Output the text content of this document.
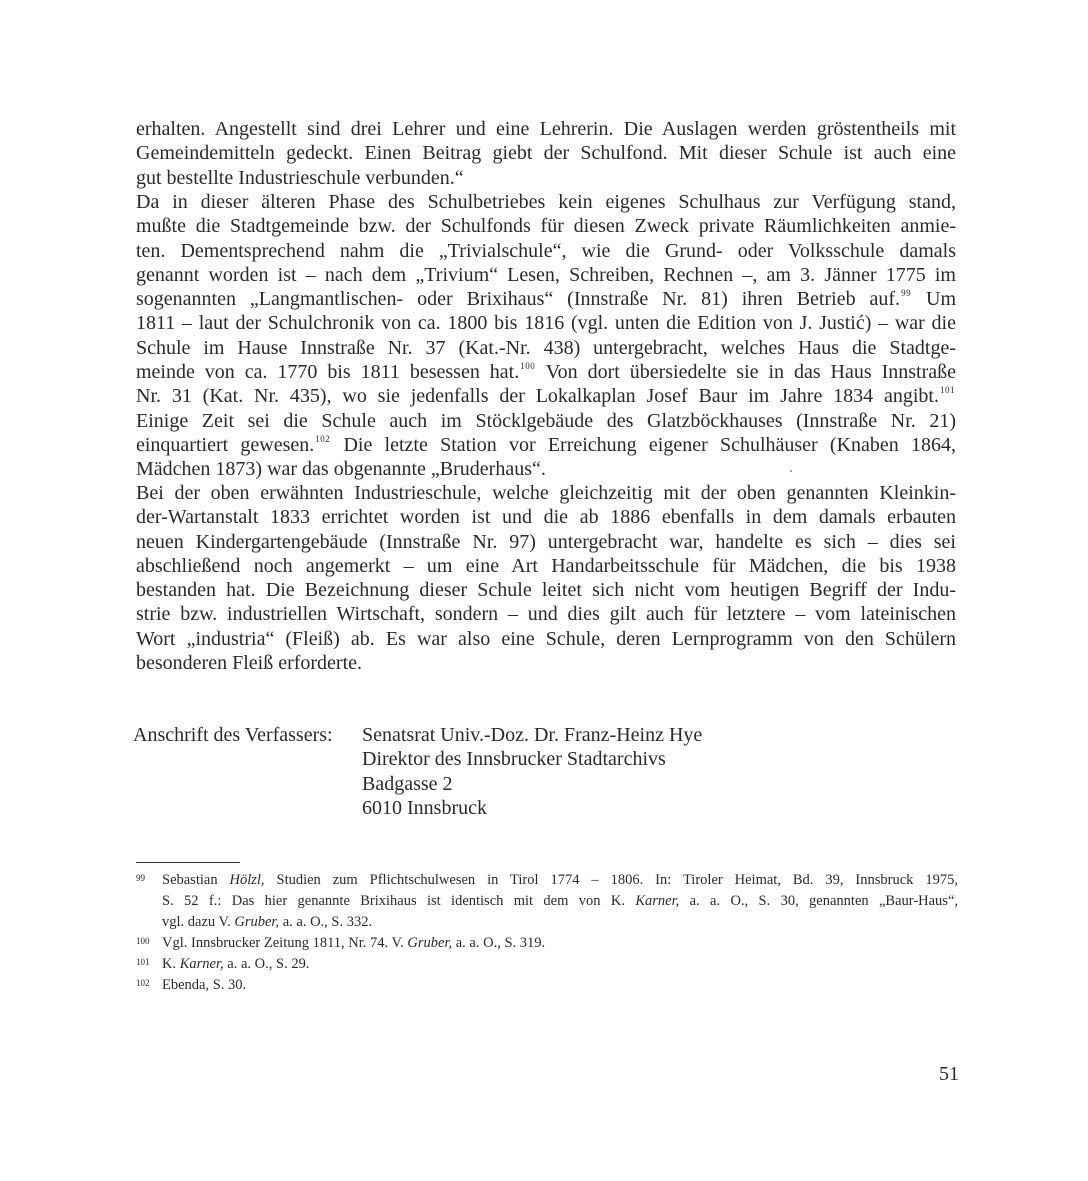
erhalten. Angestellt sind drei Lehrer und eine Lehrerin. Die Auslagen werden gröstentheils mit
Gemeindemitteln gedeckt. Einen Beitrag giebt der Schulfond. Mit dieser Schule ist auch eine
gut bestellte Industrieschule verbunden.“
Da in dieser älteren Phase des Schulbetriebes kein eigenes Schulhaus zur Verfügung stand,
mußte die Stadtgemeinde bzw. der Schulfonds für diesen Zweck private Räumlichkeiten anmie-
ten. Dementsprechend nahm die „Trivialschule“, wie die Grund- oder Volksschule damals
genannt worden ist – nach dem „Trivium“ Lesen, Schreiben, Rechnen –, am 3. Jänner 1775 im
sogenannten „Langmantlischen- oder Brixihaus“ (Innstraße Nr. 81) ihren Betrieb auf.$^{99}$ Um
1811 – laut der Schulchronik von ca. 1800 bis 1816 (vgl. unten die Edition von J. Justić) – war die
Schule im Hause Innstraße Nr. 37 (Kat.-Nr. 438) untergebracht, welches Haus die Stadtge-
meinde von ca. 1770 bis 1811 besessen hat.$^{100}$ Von dort übersiedelte sie in das Haus Innstraße
Nr. 31 (Kat. Nr. 435), wo sie jedenfalls der Lokalkaplan Josef Baur im Jahre 1834 angibt.$^{101}$
Einige Zeit sei die Schule auch im Stöcklgebäude des Glatzböckhauses (Innstraße Nr. 21)
einquartiert gewesen.$^{102}$ Die letzte Station vor Erreichung eigener Schulhäuser (Knaben 1864,
Mädchen 1873) war das obgenannte „Bruderhaus“.
Bei der oben erwähnten Industrieschule, welche gleichzeitig mit der oben genannten Kleinkin-
der-Wartanstalt 1833 errichtet worden ist und die ab 1886 ebenfalls in dem damals erbauten
neuen Kindergartengebäude (Innstraße Nr. 97) untergebracht war, handelte es sich – dies sei
abschließend noch angemerkt – um eine Art Handarbeitsschule für Mädchen, die bis 1938
bestanden hat. Die Bezeichnung dieser Schule leitet sich nicht vom heutigen Begriff der Indu-
strie bzw. industriellen Wirtschaft, sondern – und dies gilt auch für letztere – vom lateinischen
Wort „industria“ (Fleiß) ab. Es war also eine Schule, deren Lernprogramm von den Schülern
besonderen Fleiß erforderte.
Anschrift des Verfassers:	Senatsrat Univ.-Doz. Dr. Franz-Heinz Hye
Direktor des Innsbrucker Stadtarchivs
Badgasse 2
6010 Innsbruck
99 Sebastian Hölzl, Studien zum Pflichtschulwesen in Tirol 1774 – 1806. In: Tiroler Heimat, Bd. 39, Innsbruck 1975,
S. 52 f.: Das hier genannte Brixihaus ist identisch mit dem von K. Karner, a. a. O., S. 30, genannten „Baur-Haus“,
vgl. dazu V. Gruber, a. a. O., S. 332.
100 Vgl. Innsbrucker Zeitung 1811, Nr. 74. V. Gruber, a. a. O., S. 319.
101 K. Karner, a. a. O., S. 29.
102 Ebenda, S. 30.
51
